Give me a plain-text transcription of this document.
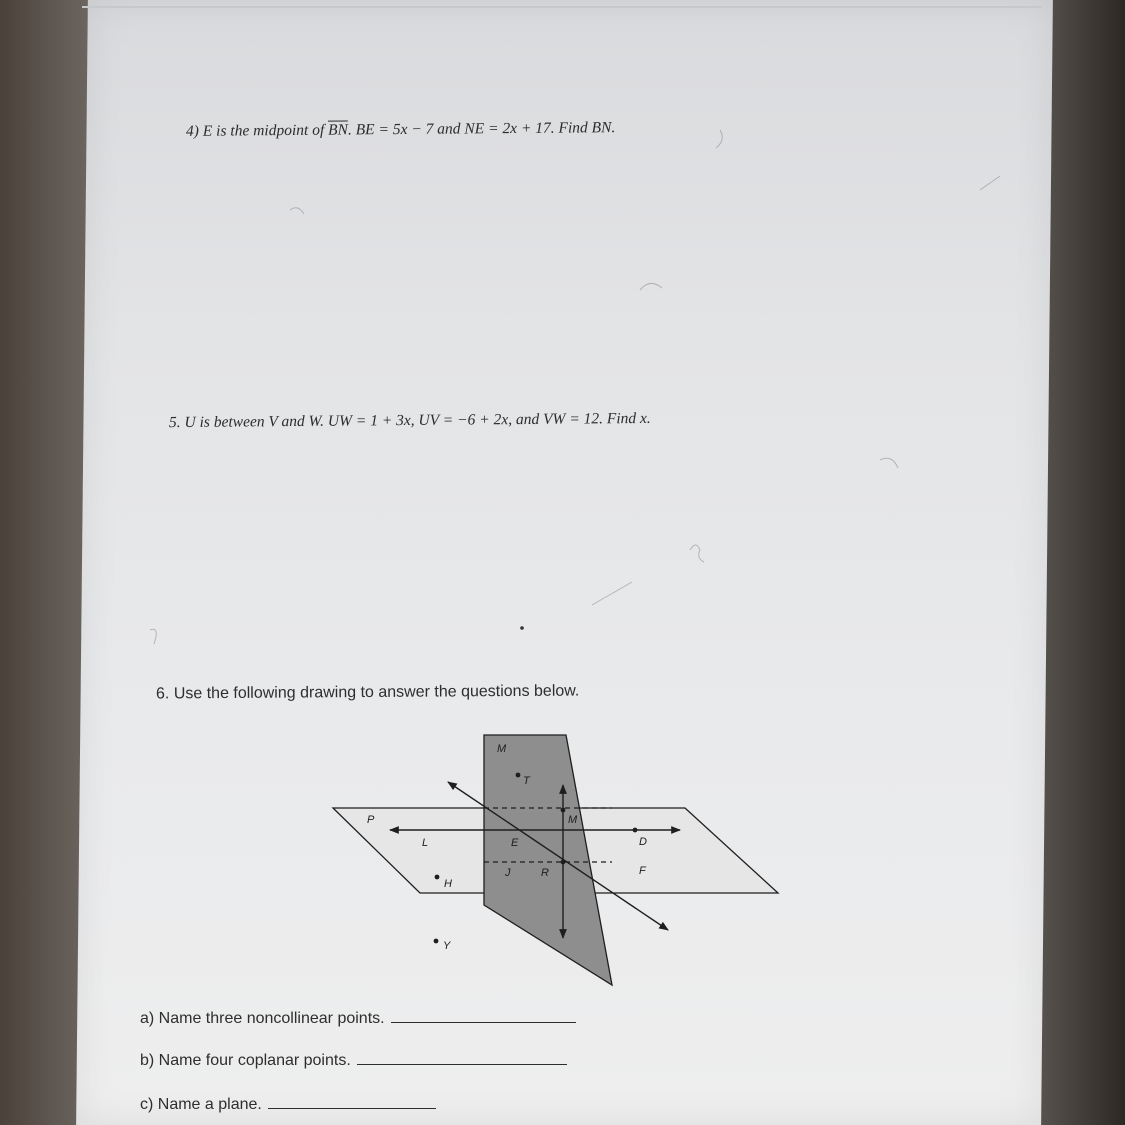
4) E is the midpoint of $\overline{BN}$. BE = 5x − 7 and NE = 2x + 17. Find BN.
5. U is between V and W. UW = 1 + 3x, UV = −6 + 2x, and VW = 12. Find x.
6. Use the following drawing to answer the questions below.
M
T
P	M
L	E	D
J	R	F
H
Y
a) Name three noncollinear points.
b) Name four coplanar points.
c) Name a plane.
